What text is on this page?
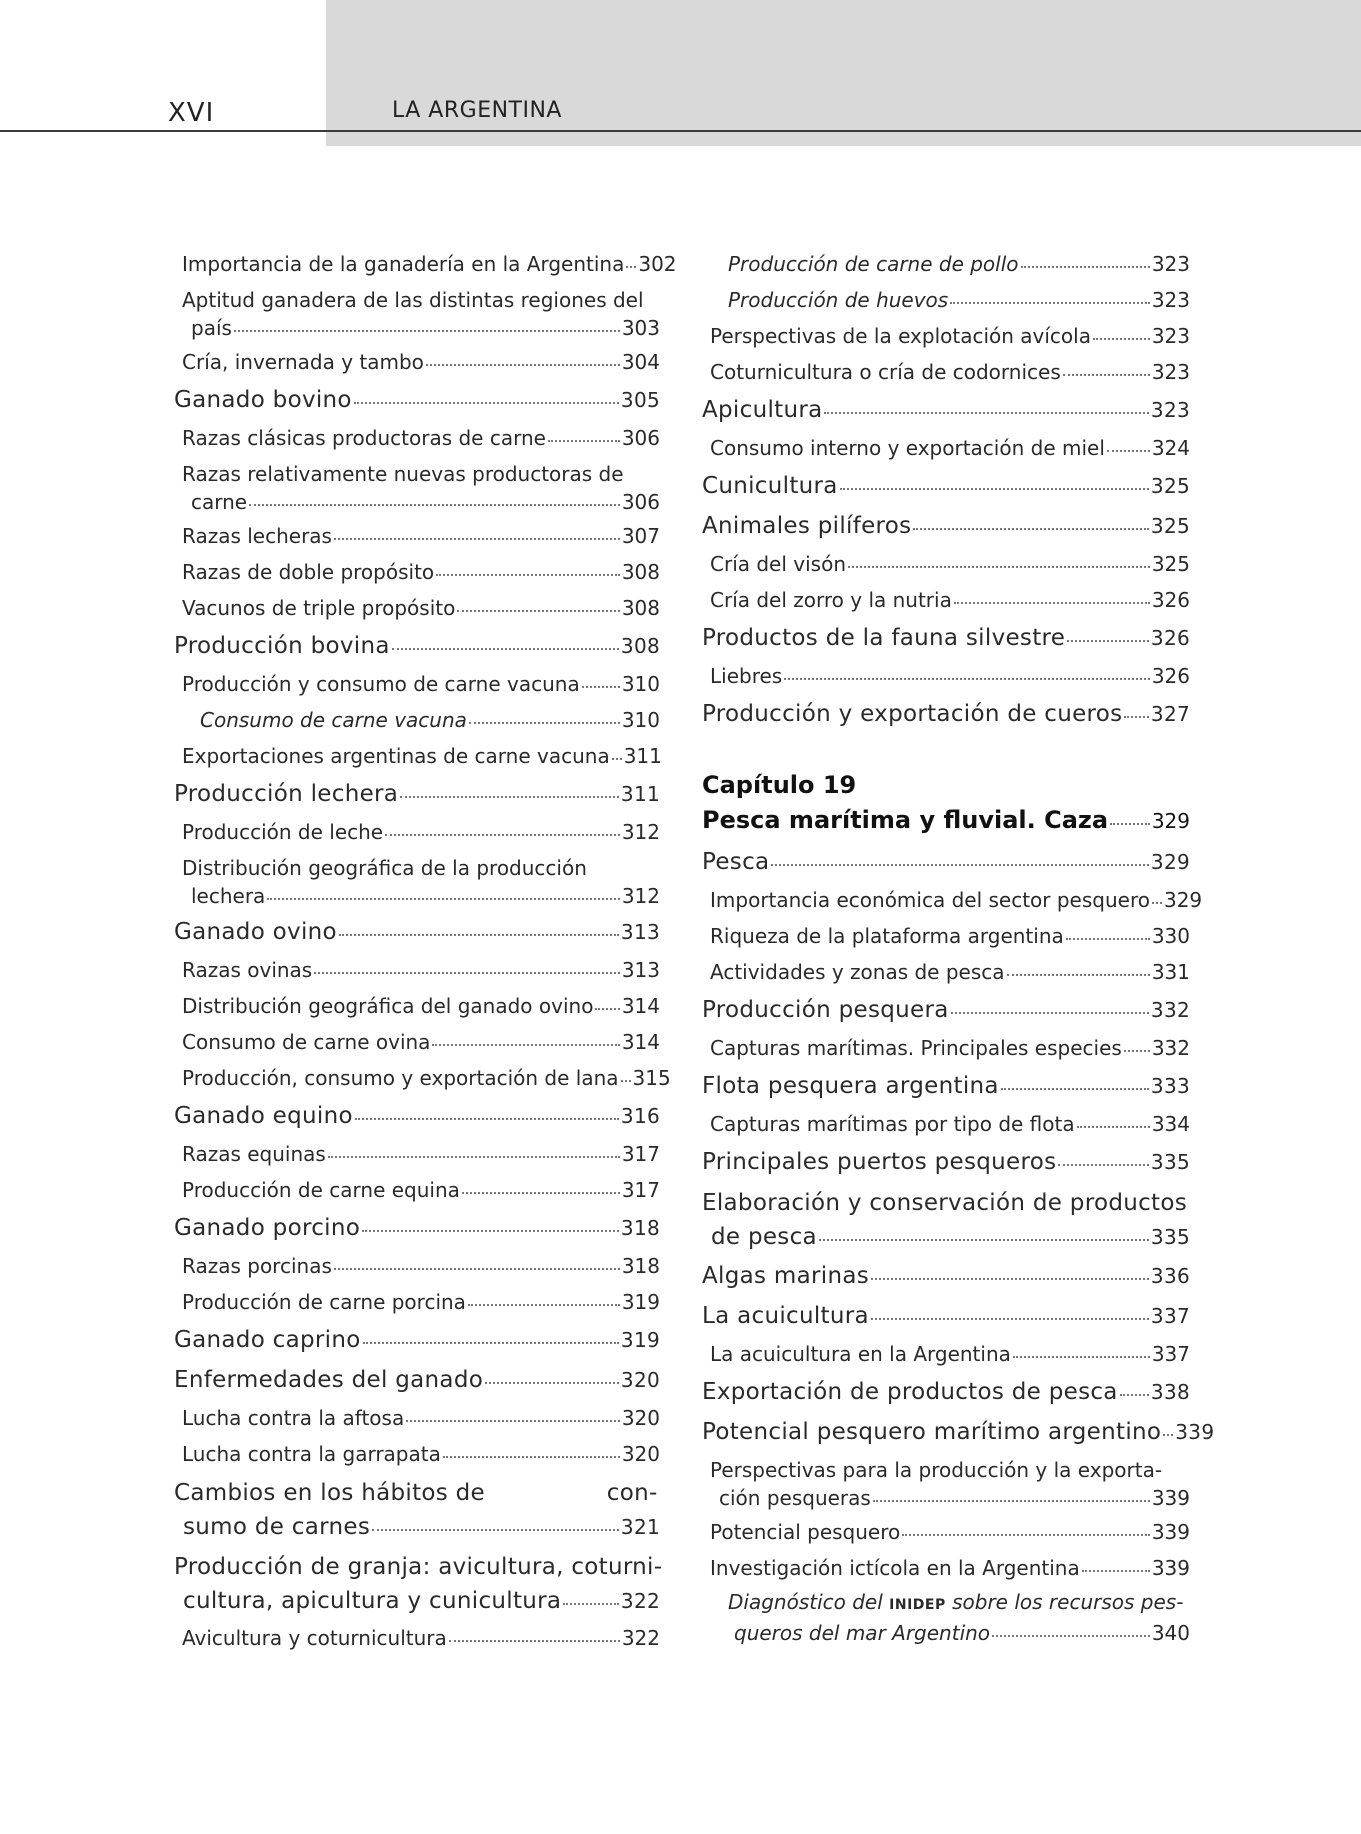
XVI	LA ARGENTINA
Importancia de la ganadería en la Argentina 302
Aptitud ganadera de las distintas regiones del
país	303
Cría, invernada y tambo	304
Ganado bovino	305
Razas clásicas productoras de carne	306
Razas relativamente nuevas productoras de
carne	306
Razas lecheras	307
Razas de doble propósito	308
Vacunos de triple propósito	308
Producción bovina	308
Producción y consumo de carne vacuna 310
Consumo de carne vacuna	310
Exportaciones argentinas de carne vacuna 311
Producción lechera	311
Producción de leche	312
Distribución geográfica de la producción
lechera	312
Ganado ovino	313
Razas ovinas	313
Distribución geográfica del ganado ovino 314
Consumo de carne ovina	314
Producción, consumo y exportación de lana 315
Ganado equino	316
Razas equinas	317
Producción de carne equina	317
Ganado porcino	318
Razas porcinas	318
Producción de carne porcina	319
Ganado caprino	319
Enfermedades del ganado	320
Lucha contra la aftosa	320
Lucha contra la garrapata	320
Cambios en los hábitos de                con-
sumo de carnes	321
Producción de granja: avicultura, coturni-
cultura, apicultura y cunicultura	322
Avicultura y coturnicultura	322
Producción de carne de pollo	323
Producción de huevos	323
Perspectivas de la explotación avícola	323
Coturnicultura o cría de codornices	323
Apicultura	323
Consumo interno y exportación de miel 324
Cunicultura	325
Animales pilíferos	325
Cría del visón	325
Cría del zorro y la nutria	326
Productos de la fauna silvestre	326
Liebres	326
Producción y exportación de cueros 327
Capítulo 19
Pesca marítima y fluvial. Caza 329
Pesca	329
Importancia económica del sector pesquero 329
Riqueza de la plataforma argentina	330
Actividades y zonas de pesca	331
Producción pesquera	332
Capturas marítimas. Principales especies 332
Flota pesquera argentina	333
Capturas marítimas por tipo de flota	334
Principales puertos pesqueros	335
Elaboración y conservación de productos
de pesca	335
Algas marinas	336
La acuicultura	337
La acuicultura en la Argentina	337
Exportación de productos de pesca 338
Potencial pesquero marítimo argentino 339
Perspectivas para la producción y la exporta-
ción pesqueras	339
Potencial pesquero	339
Investigación ictícola en la Argentina	339
Diagnóstico del INIDEP sobre los recursos pes-
queros del mar Argentino	340
